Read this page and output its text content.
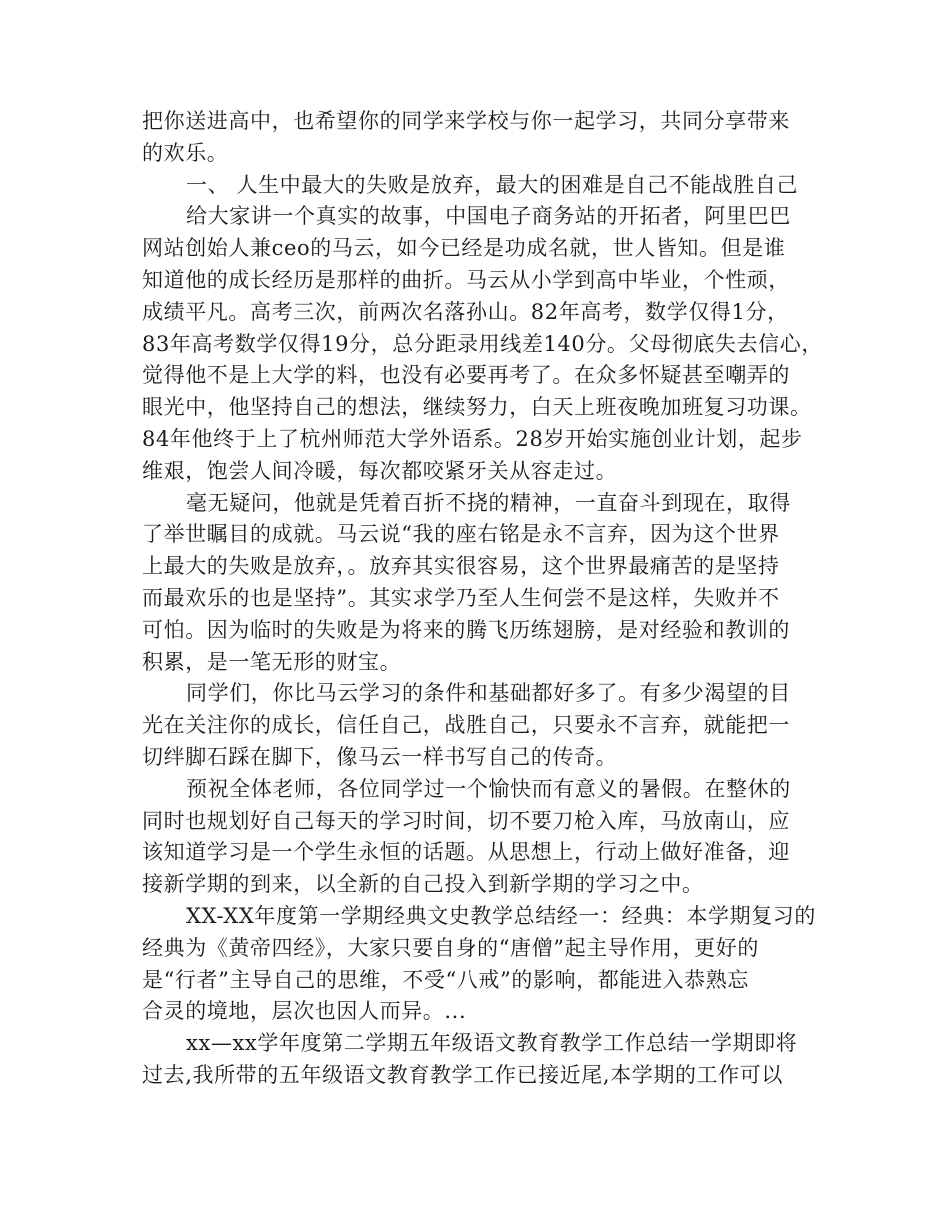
把你送进高中，也希望你的同学来学校与你一起学习，共同分享带来
的欢乐。
一、 人生中最大的失败是放弃，最大的困难是自己不能战胜自己
给大家讲一个真实的故事，中国电子商务站的开拓者，阿里巴巴
网站创始人兼ceo的马云，如今已经是功成名就，世人皆知。但是谁
知道他的成长经历是那样的曲折。马云从小学到高中毕业，个性顽，
成绩平凡。高考三次，前两次名落孙山。82年高考，数学仅得1分，
83年高考数学仅得19分，总分距录用线差140分。父母彻底失去信心，
觉得他不是上大学的料，也没有必要再考了。在众多怀疑甚至嘲弄的
眼光中，他坚持自己的想法，继续努力，白天上班夜晚加班复习功课。
84年他终于上了杭州师范大学外语系。28岁开始实施创业计划，起步
维艰，饱尝人间冷暖，每次都咬紧牙关从容走过。
毫无疑问，他就是凭着百折不挠的精神，一直奋斗到现在，取得
了举世瞩目的成就。马云说“我的座右铭是永不言弃，因为这个世界
上最大的失败是放弃，。放弃其实很容易，这个世界最痛苦的是坚持
而最欢乐的也是坚持”。其实求学乃至人生何尝不是这样，失败并不
可怕。因为临时的失败是为将来的腾飞历练翅膀，是对经验和教训的
积累，是一笔无形的财宝。
同学们，你比马云学习的条件和基础都好多了。有多少渴望的目
光在关注你的成长，信任自己，战胜自己，只要永不言弃，就能把一
切绊脚石踩在脚下，像马云一样书写自己的传奇。
预祝全体老师，各位同学过一个愉快而有意义的暑假。在整休的
同时也规划好自己每天的学习时间，切不要刀枪入库，马放南山，应
该知道学习是一个学生永恒的话题。从思想上，行动上做好准备，迎
接新学期的到来，以全新的自己投入到新学期的学习之中。
XX-XX年度第一学期经典文史教学总结经一：经典：本学期复习的
经典为《黄帝四经》，大家只要自身的“唐僧”起主导作用，更好的
是“行者”主导自己的思维，不受“八戒”的影响，都能进入恭熟忘
合灵的境地，层次也因人而异。...
xx—xx学年度第二学期五年级语文教育教学工作总结一学期即将
过去,我所带的五年级语文教育教学工作已接近尾,本学期的工作可以
